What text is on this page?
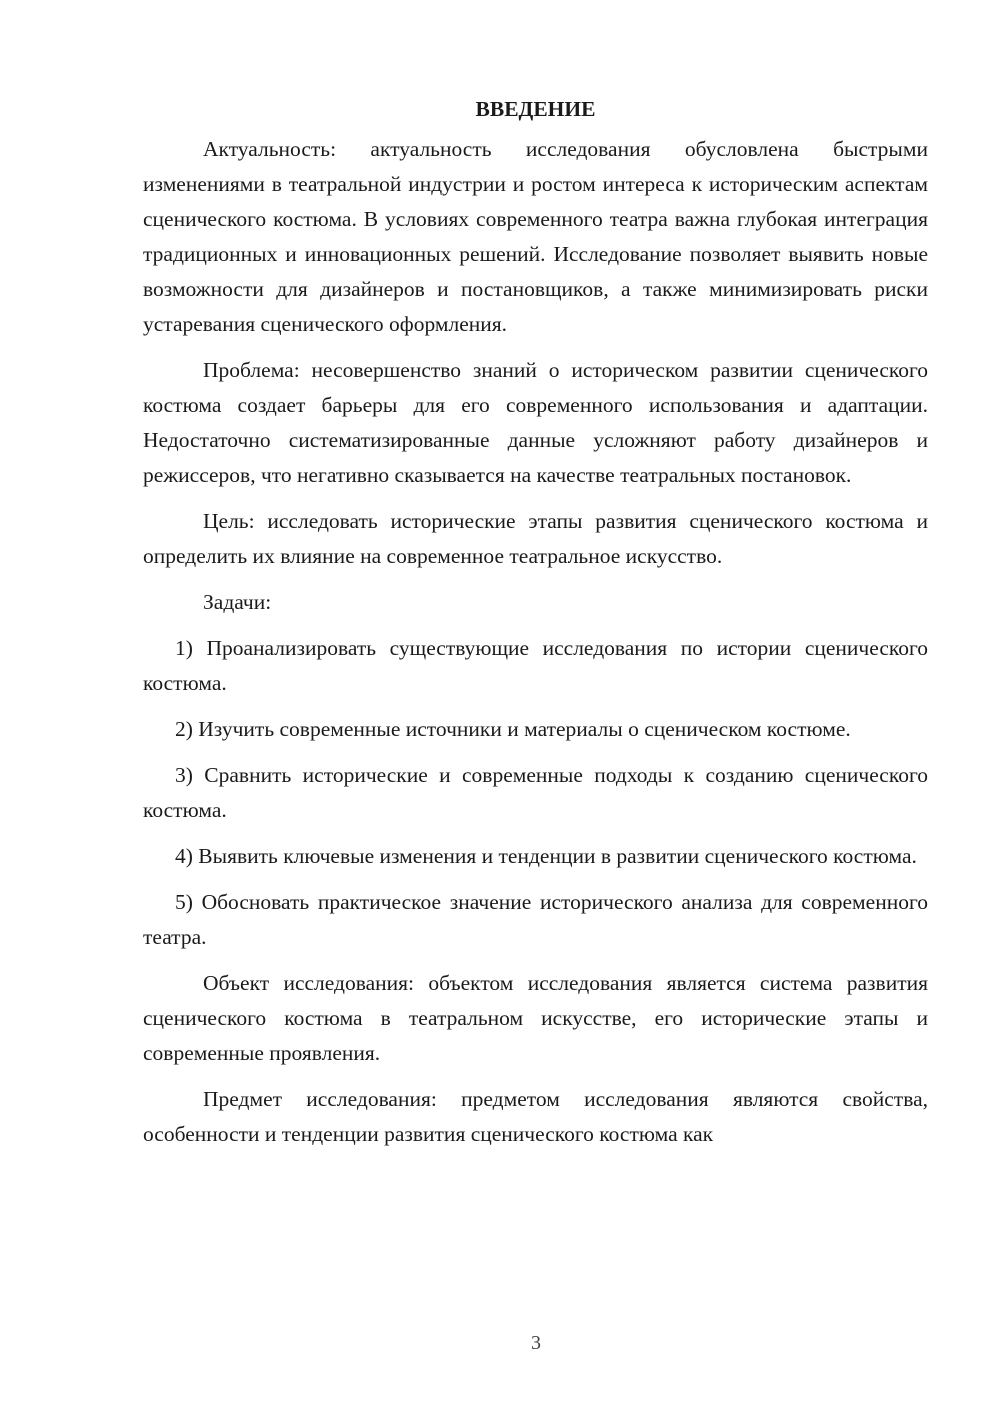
ВВЕДЕНИЕ

Актуальность: актуальность исследования обусловлена быстрыми изменениями в театральной индустрии и ростом интереса к историческим аспектам сценического костюма. В условиях современного театра важна глубокая интеграция традиционных и инновационных решений. Исследование позволяет выявить новые возможности для дизайнеров и постановщиков, а также минимизировать риски устаревания сценического оформления.

Проблема: несовершенство знаний о историческом развитии сценического костюма создает барьеры для его современного использования и адаптации. Недостаточно систематизированные данные усложняют работу дизайнеров и режиссеров, что негативно сказывается на качестве театральных постановок.

Цель: исследовать исторические этапы развития сценического костюма и определить их влияние на современное театральное искусство.

Задачи:

1) Проанализировать существующие исследования по истории сценического костюма.

2) Изучить современные источники и материалы о сценическом костюме.

3) Сравнить исторические и современные подходы к созданию сценического костюма.

4) Выявить ключевые изменения и тенденции в развитии сценического костюма.

5) Обосновать практическое значение исторического анализа для современного театра.

Объект исследования: объектом исследования является система развития сценического костюма в театральном искусстве, его исторические этапы и современные проявления.

Предмет исследования: предметом исследования являются свойства, особенности и тенденции развития сценического костюма как

3
